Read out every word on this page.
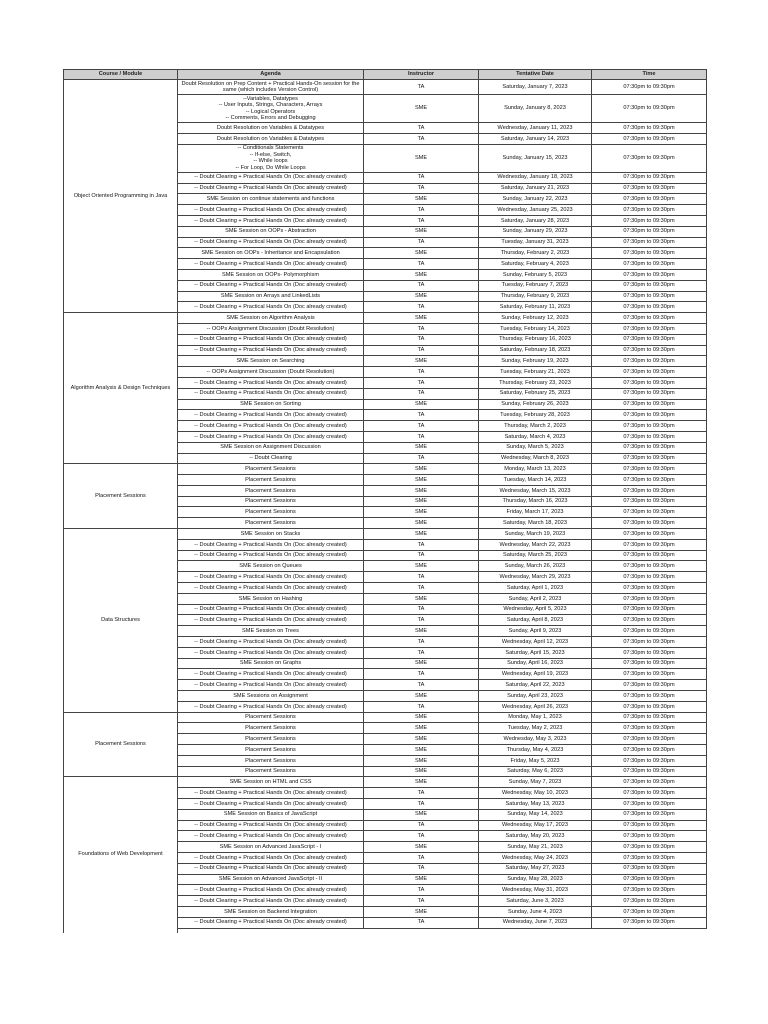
Course / Module	Agenda	Instructor	Tentative Date	Time
Object Oriented Programming in Java	Doubt Resolution on Prep Content + Practical Hands-On session for the same (which includes Version Control)	TA	Saturday, January 7, 2023	07:30pm to 09:30pm
	--Variables, Datatypes
-- User Inputs, Strings, Characters, Arrays
-- Logical Operators
-- Comments, Errors and Debugging	SME	Sunday, January 8, 2023	07:30pm to 09:30pm
	Doubt Resolution on Variables & Datatypes	TA	Wednesday, January 11, 2023	07:30pm to 09:30pm
	Doubt Resolution on Variables & Datatypes	TA	Saturday, January 14, 2023	07:30pm to 09:30pm
	-- Conditionals Statements
-- If-else, Switch,
-- While loops
-- For Loop, Do While Loops	SME	Sunday, January 15, 2023	07:30pm to 09:30pm
	-- Doubt Clearing + Practical Hands On (Doc already created)	TA	Wednesday, January 18, 2023	07:30pm to 09:30pm
	-- Doubt Clearing + Practical Hands On (Doc already created)	TA	Saturday, January 21, 2023	07:30pm to 09:30pm
	SME Session on continue statements and functions	SME	Sunday, January 22, 2023	07:30pm to 09:30pm
	-- Doubt Clearing + Practical Hands On (Doc already created)	TA	Wednesday, January 25, 2023	07:30pm to 09:30pm
	-- Doubt Clearing + Practical Hands On (Doc already created)	TA	Saturday, January 28, 2023	07:30pm to 09:30pm
	SME Session on OOPs - Abstraction	SME	Sunday, January 29, 2023	07:30pm to 09:30pm
	-- Doubt Clearing + Practical Hands On (Doc already created)	TA	Tuesday, January 31, 2023	07:30pm to 09:30pm
	SME Session on OOPs - Inheritance and Encapsulation	SME	Thursday, February 2, 2023	07:30pm to 09:30pm
	-- Doubt Clearing + Practical Hands On (Doc already created)	TA	Saturday, February 4, 2023	07:30pm to 09:30pm
	SME Session on OOPs- Polymorphism	SME	Sunday, February 5, 2023	07:30pm to 09:30pm
	-- Doubt Clearing + Practical Hands On (Doc already created)	TA	Tuesday, February 7, 2023	07:30pm to 09:30pm
	SME Session on Arrays and LinkedLists	SME	Thursday, February 9, 2023	07:30pm to 09:30pm
	-- Doubt Clearing + Practical Hands On (Doc already created)	TA	Saturday, February 11, 2023	07:30pm to 09:30pm
Algorithm Analysis & Design Techniques	SME Session on Algorithm Analysis	SME	Sunday, February 12, 2023	07:30pm to 09:30pm
	-- OOPs Assignment Discussion (Doubt Resolution)	TA	Tuesday, February 14, 2023	07:30pm to 09:30pm
	-- Doubt Clearing + Practical Hands On (Doc already created)	TA	Thursday, February 16, 2023	07:30pm to 09:30pm
	-- Doubt Clearing + Practical Hands On (Doc already created)	TA	Saturday, February 18, 2023	07:30pm to 09:30pm
	SME Session on Searching	SME	Sunday, February 19, 2023	07:30pm to 09:30pm
	-- OOPs Assignment Discussion (Doubt Resolution)	TA	Tuesday, February 21, 2023	07:30pm to 09:30pm
	-- Doubt Clearing + Practical Hands On (Doc already created)	TA	Thursday, February 23, 2023	07:30pm to 09:30pm
	-- Doubt Clearing + Practical Hands On (Doc already created)	TA	Saturday, February 25, 2023	07:30pm to 09:30pm
	SME Session on Sorting	SME	Sunday, February 26, 2023	07:30pm to 09:30pm
	-- Doubt Clearing + Practical Hands On (Doc already created)	TA	Tuesday, February 28, 2023	07:30pm to 09:30pm
	-- Doubt Clearing + Practical Hands On (Doc already created)	TA	Thursday, March 2, 2023	07:30pm to 09:30pm
	-- Doubt Clearing + Practical Hands On (Doc already created)	TA	Saturday, March 4, 2023	07:30pm to 09:30pm
	SME Session on Assignment Discussion	SME	Sunday, March 5, 2023	07:30pm to 09:30pm
	-- Doubt Clearing	TA	Wednesday, March 8, 2023	07:30pm to 09:30pm
Placement Sessions	Placement Sessions	SME	Monday, March 13, 2023	07:30pm to 09:30pm
	Placement Sessions	SME	Tuesday, March 14, 2023	07:30pm to 09:30pm
	Placement Sessions	SME	Wednesday, March 15, 2023	07:30pm to 09:30pm
	Placement Sessions	SME	Thursday, March 16, 2023	07:30pm to 09:30pm
	Placement Sessions	SME	Friday, March 17, 2023	07:30pm to 09:30pm
	Placement Sessions	SME	Saturday, March 18, 2023	07:30pm to 09:30pm
Data Structures	SME Session on Stacks	SME	Sunday, March 19, 2023	07:30pm to 09:30pm
	-- Doubt Clearing + Practical Hands On (Doc already created)	TA	Wednesday, March 22, 2023	07:30pm to 09:30pm
	-- Doubt Clearing + Practical Hands On (Doc already created)	TA	Saturday, March 25, 2023	07:30pm to 09:30pm
	SME Session on Queues	SME	Sunday, March 26, 2023	07:30pm to 09:30pm
	-- Doubt Clearing + Practical Hands On (Doc already created)	TA	Wednesday, March 29, 2023	07:30pm to 09:30pm
	-- Doubt Clearing + Practical Hands On (Doc already created)	TA	Saturday, April 1, 2023	07:30pm to 09:30pm
	SME Session on Hashing	SME	Sunday, April 2, 2023	07:30pm to 09:30pm
	-- Doubt Clearing + Practical Hands On (Doc already created)	TA	Wednesday, April 5, 2023	07:30pm to 09:30pm
	-- Doubt Clearing + Practical Hands On (Doc already created)	TA	Saturday, April 8, 2023	07:30pm to 09:30pm
	SME Session on Trees	SME	Sunday, April 9, 2023	07:30pm to 09:30pm
	-- Doubt Clearing + Practical Hands On (Doc already created)	TA	Wednesday, April 12, 2023	07:30pm to 09:30pm
	-- Doubt Clearing + Practical Hands On (Doc already created)	TA	Saturday, April 15, 2023	07:30pm to 09:30pm
	SME Session on Graphs	SME	Sunday, April 16, 2023	07:30pm to 09:30pm
	-- Doubt Clearing + Practical Hands On (Doc already created)	TA	Wednesday, April 19, 2023	07:30pm to 09:30pm
	-- Doubt Clearing + Practical Hands On (Doc already created)	TA	Saturday, April 22, 2023	07:30pm to 09:30pm
	SME Sessions on Assignment	SME	Sunday, April 23, 2023	07:30pm to 09:30pm
	-- Doubt Clearing + Practical Hands On (Doc already created)	TA	Wednesday, April 26, 2023	07:30pm to 09:30pm
Placement Sessions	Placement Sessions	SME	Monday, May 1, 2023	07:30pm to 09:30pm
	Placement Sessions	SME	Tuesday, May 2, 2023	07:30pm to 09:30pm
	Placement Sessions	SME	Wednesday, May 3, 2023	07:30pm to 09:30pm
	Placement Sessions	SME	Thursday, May 4, 2023	07:30pm to 09:30pm
	Placement Sessions	SME	Friday, May 5, 2023	07:30pm to 09:30pm
	Placement Sessions	SME	Saturday, May 6, 2023	07:30pm to 09:30pm
Foundations of Web Development	SME Session on HTML and CSS	SME	Sunday, May 7, 2023	07:30pm to 09:30pm
	-- Doubt Clearing + Practical Hands On (Doc already created)	TA	Wednesday, May 10, 2023	07:30pm to 09:30pm
	-- Doubt Clearing + Practical Hands On (Doc already created)	TA	Saturday, May 13, 2023	07:30pm to 09:30pm
	SME Session on Basics of JavaScript	SME	Sunday, May 14, 2023	07:30pm to 09:30pm
	-- Doubt Clearing + Practical Hands On (Doc already created)	TA	Wednesday, May 17, 2023	07:30pm to 09:30pm
	-- Doubt Clearing + Practical Hands On (Doc already created)	TA	Saturday, May 20, 2023	07:30pm to 09:30pm
	SME Session on Advanced JavaScript - I	SME	Sunday, May 21, 2023	07:30pm to 09:30pm
	-- Doubt Clearing + Practical Hands On (Doc already created)	TA	Wednesday, May 24, 2023	07:30pm to 09:30pm
	-- Doubt Clearing + Practical Hands On (Doc already created)	TA	Saturday, May 27, 2023	07:30pm to 09:30pm
	SME Session on Advanced JavaScript - II	SME	Sunday, May 28, 2023	07:30pm to 09:30pm
	-- Doubt Clearing + Practical Hands On (Doc already created)	TA	Wednesday, May 31, 2023	07:30pm to 09:30pm
	-- Doubt Clearing + Practical Hands On (Doc already created)	TA	Saturday, June 3, 2023	07:30pm to 09:30pm
	SME Session on Backend Integration	SME	Sunday, June 4, 2023	07:30pm to 09:30pm
	-- Doubt Clearing + Practical Hands On (Doc already created)	TA	Wednesday, June 7, 2023	07:30pm to 09:30pm
